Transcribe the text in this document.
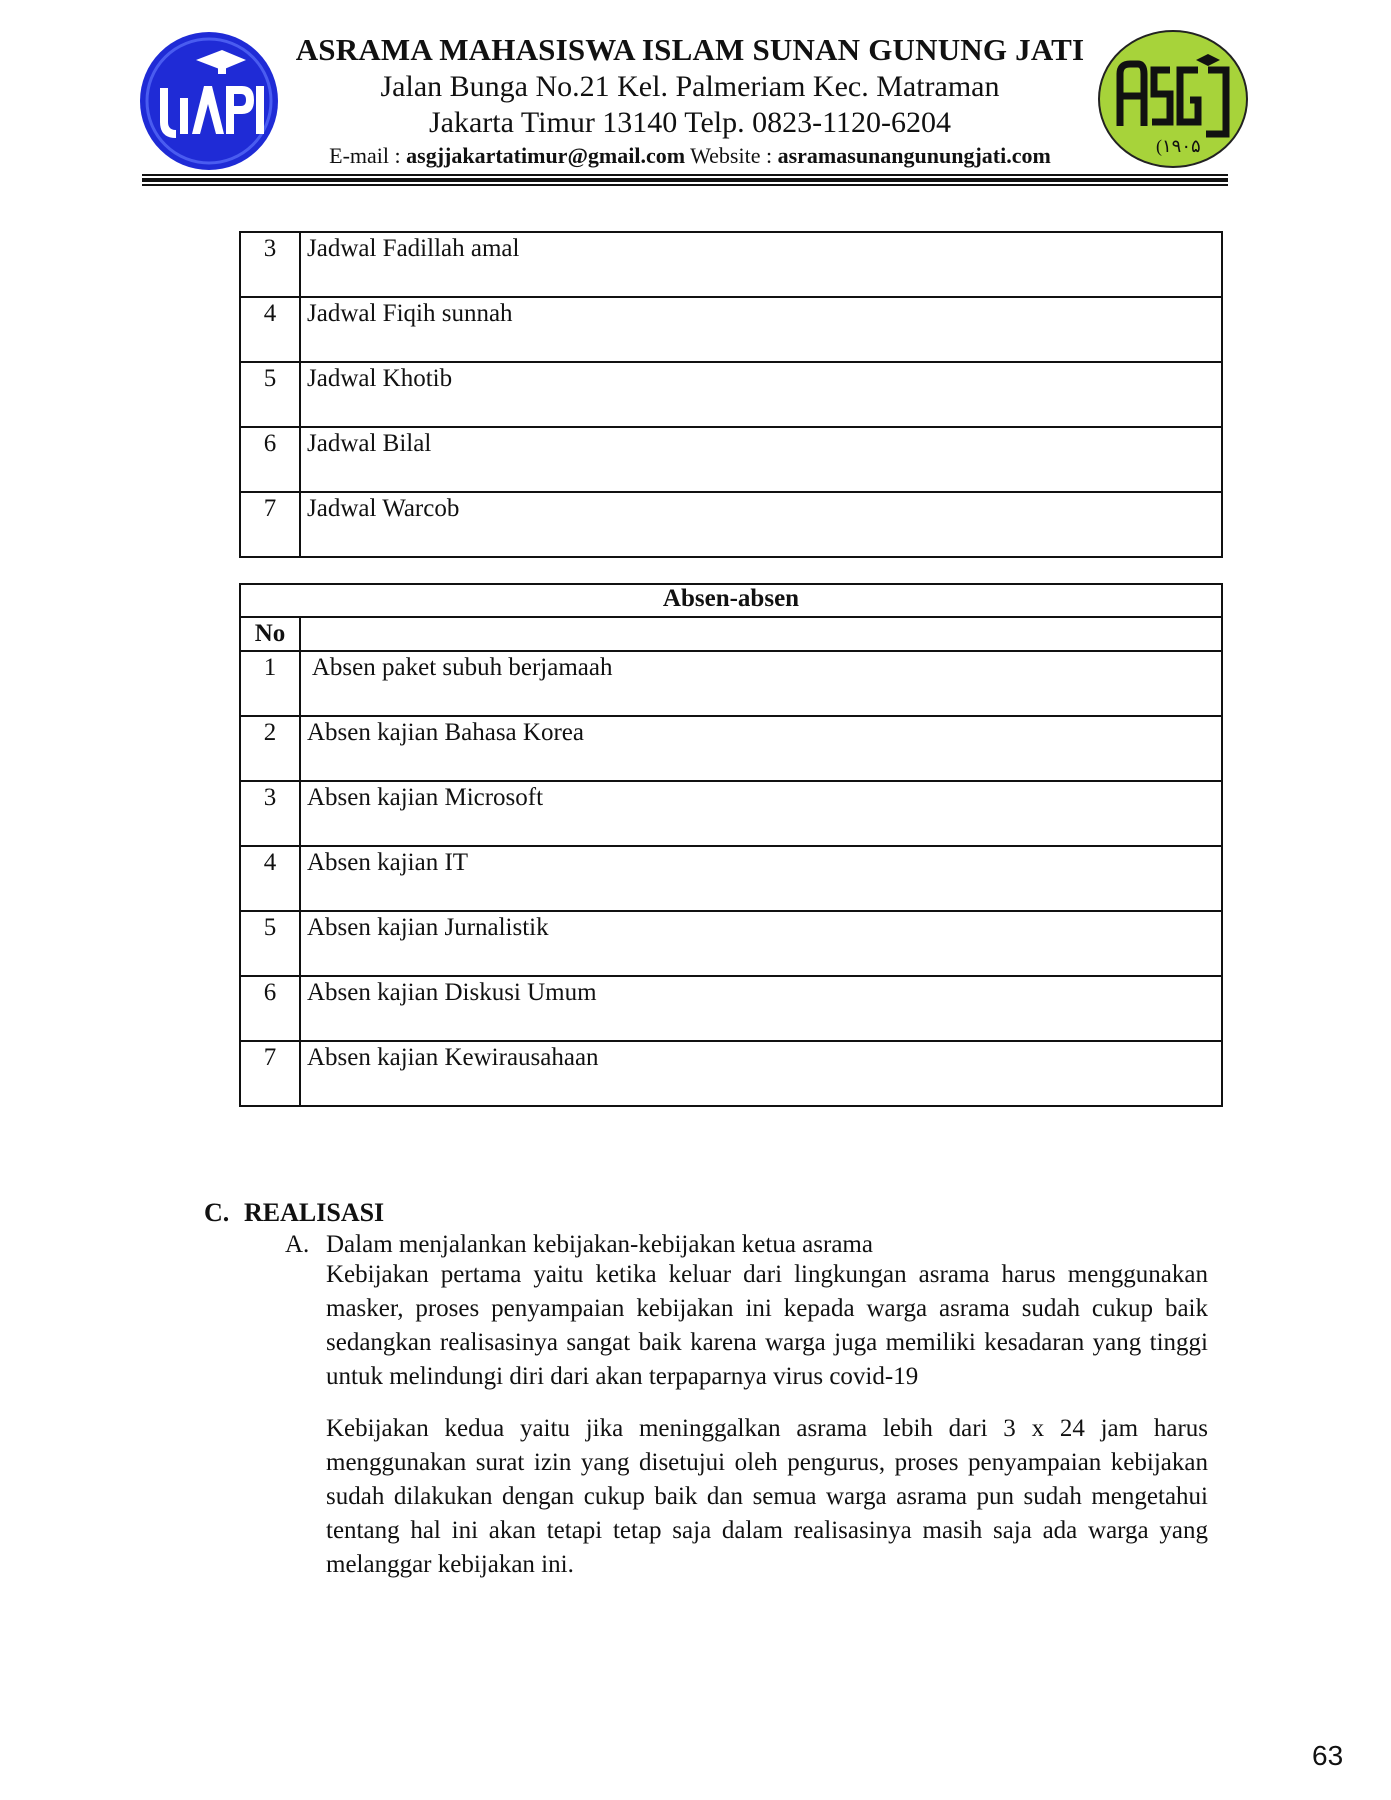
ASRAMA MAHASISWA ISLAM SUNAN GUNUNG JATI
Jalan Bunga No.21 Kel. Palmeriam Kec. Matraman
Jakarta Timur 13140 Telp. 0823-1120-6204
E-mail : asgjjakartatimur@gmail.com Website : asramasunangunungjati.com	(۱۹۰۵
3	Jadwal Fadillah amal
4	Jadwal Fiqih sunnah
5	Jadwal Khotib
6	Jadwal Bilal
7	Jadwal Warcob
Absen-absen	
No	
1	Absen paket subuh berjamaah
2	Absen kajian Bahasa Korea
3	Absen kajian Microsoft
4	Absen kajian IT
5	Absen kajian Jurnalistik
6	Absen kajian Diskusi Umum
7	Absen kajian Kewirausahaan
C. REALISASI
A. Dalam menjalankan kebijakan-kebijakan ketua asrama

Kebijakan pertama yaitu ketika keluar dari lingkungan asrama harus menggunakan masker, proses penyampaian kebijakan ini kepada warga asrama sudah cukup baik sedangkan realisasinya sangat baik karena warga juga memiliki kesadaran yang tinggi untuk melindungi diri dari akan terpaparnya virus covid-19

Kebijakan kedua yaitu jika meninggalkan asrama lebih dari 3 x 24 jam harus menggunakan surat izin yang disetujui oleh pengurus, proses penyampaian kebijakan sudah dilakukan dengan cukup baik dan semua warga asrama pun sudah mengetahui tentang hal ini akan tetapi tetap saja dalam realisasinya masih saja ada warga yang melanggar kebijakan ini.

63
